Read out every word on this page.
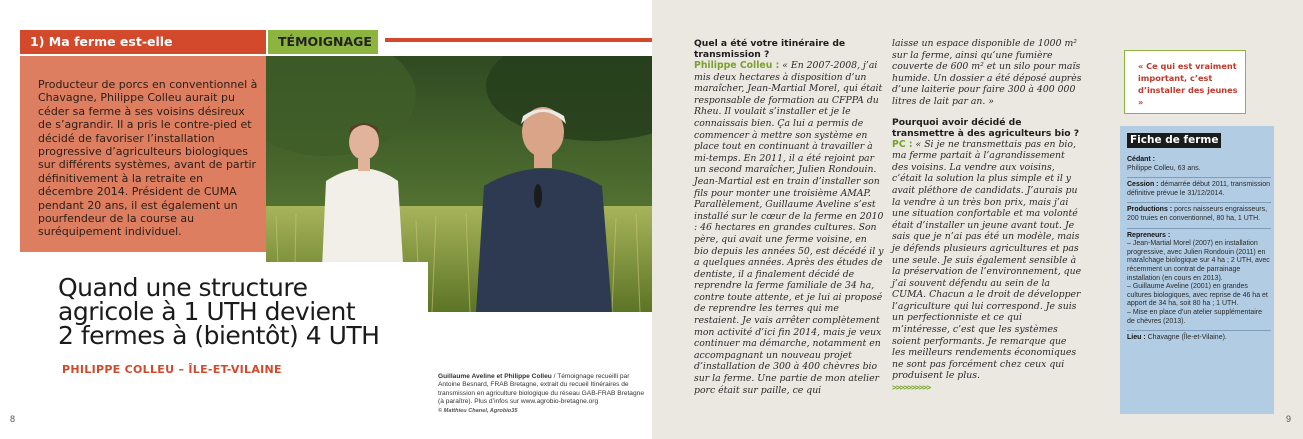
1) Ma ferme est-elle	TÉMOIGNAGE
Producteur de porcs en conventionnel à Chavagne, Philippe Colleu aurait pu céder sa ferme à ses voisins désireux de s’agrandir. Il a pris le contre-pied et décidé de favoriser l’installation progressive d’agriculteurs biologiques sur différents systèmes, avant de partir définitivement à la retraite en décembre 2014. Président de CUMA pendant 20 ans, il est également un pourfendeur de la course au suréquipement individuel.
Quand une structure
agricole à 1 UTH devient
2 fermes à (bientôt) 4 UTH
PHILIPPE COLLEU – ÎLE-ET-VILAINE
Guillaume Aveline et Philippe Colleu / Témoignage recueilli par Antoine Besnard, FRAB Bretagne, extrait du recueil Itinéraires de transmission en agriculture biologique du réseau GAB-FRAB Bretagne (à paraître). Plus d’infos sur www.agrobio-bretagne.org
© Matthieu Chanel, Agrobio35
8	9
Quel a été votre itinéraire de transmission ?
Philippe Colleu : « En 2007-2008, j’ai mis deux hectares à disposition d’un maraîcher, Jean-Martial Morel, qui était responsable de formation au CFPPA du Rheu. Il voulait s’installer et je le connaissais bien. Ça lui a permis de commencer à mettre son système en place tout en continuant à travailler à mi-temps. En 2011, il a été rejoint par un second maraîcher, Julien Rondouin. Jean-Martial est en train d’installer son fils pour monter une troisième AMAP. Parallèlement, Guillaume Aveline s’est installé sur le cœur de la ferme en 2010 : 46 hectares en grandes cultures. Son père, qui avait une ferme voisine, en bio depuis les années 50, est décédé il y a quelques années. Après des études de dentiste, il a finalement décidé de reprendre la ferme familiale de 34 ha, contre toute attente, et je lui ai proposé de reprendre les terres qui me restaient. Je vais arrêter complètement mon activité d’ici fin 2014, mais je veux continuer ma démarche, notamment en accompagnant un nouveau projet d’installation de 300 à 400 chèvres bio sur la ferme. Une partie de mon atelier porc était sur paille, ce qui
laisse un espace disponible de 1000 m² sur la ferme, ainsi qu’une fumière couverte de 600 m² et un silo pour maïs humide. Un dossier a été déposé auprès d’une laiterie pour faire 300 à 400 000 litres de lait par an. »
Pourquoi avoir décidé de transmettre à des agriculteurs bio ?
PC : « Si je ne transmettais pas en bio, ma ferme partait à l’agrandissement des voisins. La vendre aux voisins, c’était la solution la plus simple et il y avait pléthore de candidats. J’aurais pu la vendre à un très bon prix, mais j’ai une situation confortable et ma volonté était d’installer un jeune avant tout. Je sais que je n’ai pas été un modèle, mais je défends plusieurs agricultures et pas une seule. Je suis également sensible à la préservation de l’environnement, que j’ai souvent défendu au sein de la CUMA. Chacun a le droit de développer l’agriculture qui lui correspond. Je suis un perfectionniste et ce qui m’intéresse, c’est que les systèmes soient performants. Je remarque que les meilleurs rendements économiques ne sont pas forcément chez ceux qui produisent le plus.
>>>>>>>>>>
« Ce qui est vraiment important, c’est d’installer des jeunes »
Fiche de ferme
Cédant :
Philippe Colleu, 63 ans.
Cession : démarrée début 2011, transmission définitive prévue le 31/12/2014.
Productions : porcs naisseurs engraisseurs, 200 truies en conventionnel, 80 ha, 1 UTH.
Repreneurs :
– Jean-Martial Morel (2007) en installation progressive, avec Julien Rondouin (2011) en maraîchage biologique sur 4 ha ; 2 UTH, avec récemment un contrat de parrainage installation (en cours en 2013).
– Guillaume Aveline (2001) en grandes cultures biologiques, avec reprise de 46 ha et apport de 34 ha, soit 80 ha ; 1 UTH.
– Mise en place d’un atelier supplémentaire de chèvres (2013).
Lieu : Chavagne (Île-et-Vilaine).
